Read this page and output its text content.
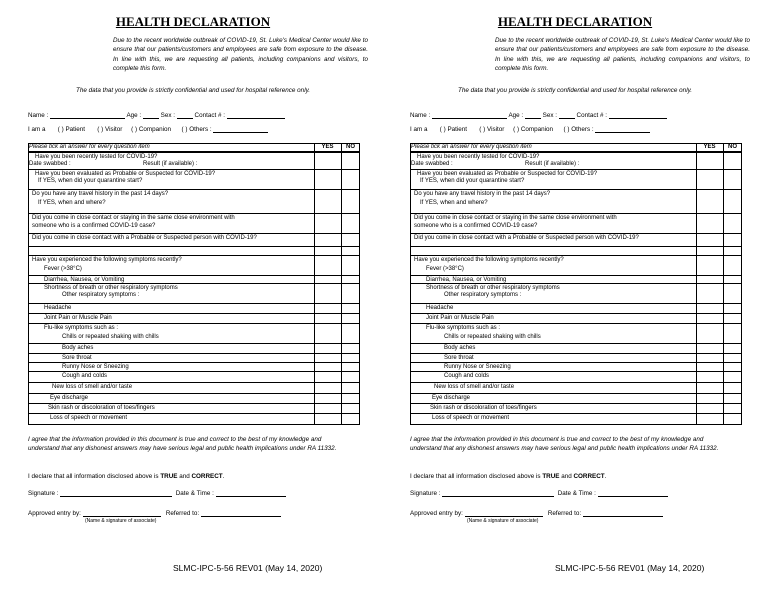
HEALTH DECLARATION
Due to the recent worldwide outbreak of COVID-19, St. Luke's Medical Center would like to ensure that our patients/customers and employees are safe from exposure to the disease. In line with this, we are requesting all patients, including companions and visitors, to complete this form.
The data that you provide is strictly confidential and used for hospital reference only.
Name :	Age :	Sex :	Contact # :
I am a ( ) Patient ( ) Visitor ( ) Companion ( ) Others :
Please tick an answer for every question item	YES	NO
Have you been recently tested for COVID-19?
Date swabbed :	Result (if available) :
Have you been evaluated as Probable or Suspected for COVID-19?
If YES, when did your quarantine start?
Do you have any travel history in the past 14 days?
If YES, when and where?
Did you come in close contact or staying in the same close environment with
someone who is a confirmed COVID-19 case?
Did you come in close contact with a Probable or Suspected person with COVID-19?
Have you experienced the following symptoms recently?
Fever (>38°C)
Diarrhea, Nausea, or Vomiting
Shortness of breath or other respiratory symptoms
Other respiratory symptoms :
Headache
Joint Pain or Muscle Pain
Flu-like symptoms such as :
Chills or repeated shaking with chills
Body aches
Sore throat
Runny Nose or Sneezing
Cough and colds
New loss of smell and/or taste
Eye discharge
Skin rash or discoloration of toes/fingers
Loss of speech or movement
I agree that the information provided in this document is true and correct to the best of my knowledge and understand that any dishonest answers may have serious legal and public health implications under RA 11332.
I declare that all information disclosed above is TRUE and CORRECT.
Signature :	Date & Time :
Approved entry by:	Referred to:
(Name & signature of associate)
SLMC-IPC-5-56 REV01 (May 14, 2020)
HEALTH DECLARATION
Due to the recent worldwide outbreak of COVID-19, St. Luke's Medical Center would like to ensure that our patients/customers and employees are safe from exposure to the disease. In line with this, we are requesting all patients, including companions and visitors, to complete this form.
The data that you provide is strictly confidential and used for hospital reference only.
Name :	Age :	Sex :	Contact # :
I am a ( ) Patient ( ) Visitor ( ) Companion ( ) Others :
Please tick an answer for every question item	YES	NO
Have you been recently tested for COVID-19?
Date swabbed :	Result (if available) :
Have you been evaluated as Probable or Suspected for COVID-19?
If YES, when did your quarantine start?
Do you have any travel history in the past 14 days?
If YES, when and where?
Did you come in close contact or staying in the same close environment with
someone who is a confirmed COVID-19 case?
Did you come in close contact with a Probable or Suspected person with COVID-19?
Have you experienced the following symptoms recently?
Fever (>38°C)
Diarrhea, Nausea, or Vomiting
Shortness of breath or other respiratory symptoms
Other respiratory symptoms :
Headache
Joint Pain or Muscle Pain
Flu-like symptoms such as :
Chills or repeated shaking with chills
Body aches
Sore throat
Runny Nose or Sneezing
Cough and colds
New loss of smell and/or taste
Eye discharge
Skin rash or discoloration of toes/fingers
Loss of speech or movement
I agree that the information provided in this document is true and correct to the best of my knowledge and understand that any dishonest answers may have serious legal and public health implications under RA 11332.
I declare that all information disclosed above is TRUE and CORRECT.
Signature :	Date & Time :
Approved entry by:	Referred to:
(Name & signature of associate)
SLMC-IPC-5-56 REV01 (May 14, 2020)
